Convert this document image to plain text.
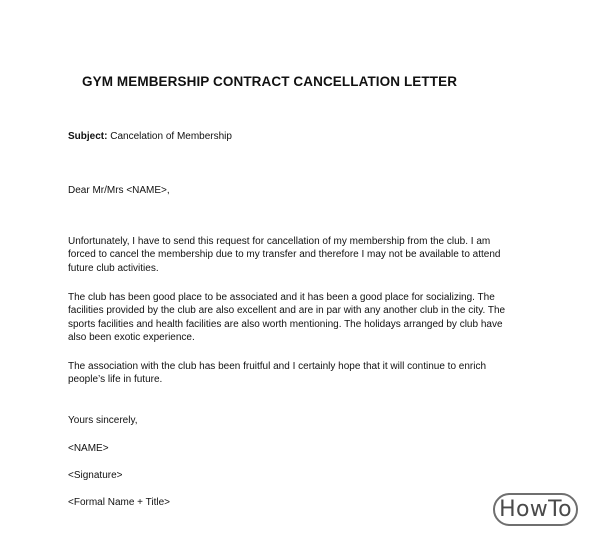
GYM MEMBERSHIP CONTRACT CANCELLATION LETTER
Subject: Cancelation of Membership
Dear Mr/Mrs <NAME>,
Unfortunately, I have to send this request for cancellation of my membership from the club. I am
forced to cancel the membership due to my transfer and therefore I may not be available to attend
future club activities.
The club has been good place to be associated and it has been a good place for socializing. The
facilities provided by the club are also excellent and are in par with any another club in the city. The
sports facilities and health facilities are also worth mentioning. The holidays arranged by club have
also been exotic experience.
The association with the club has been fruitful and I certainly hope that it will continue to enrich
people’s life in future.
Yours sincerely,
<NAME>
<Signature>
<Formal Name + Title>	HowTo
